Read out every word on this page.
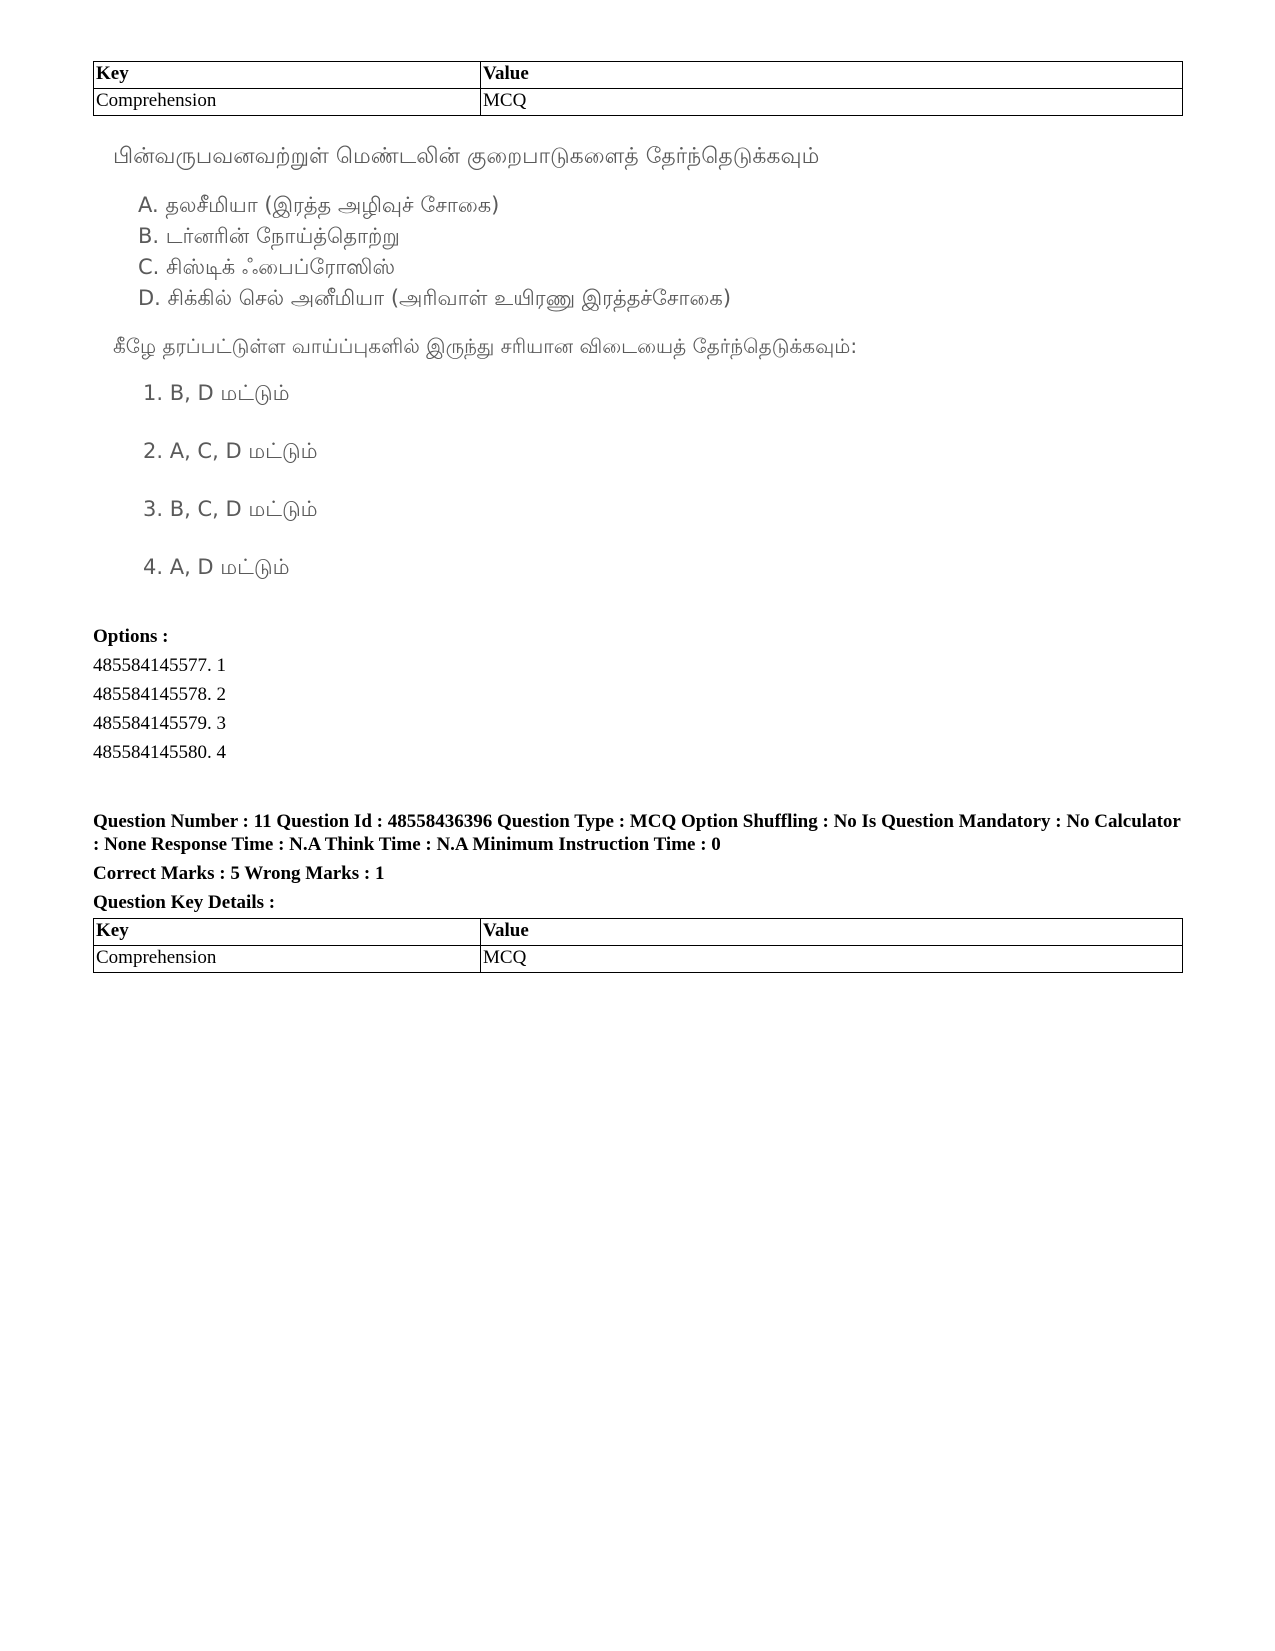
Key	Value
Comprehension	MCQ

பின்வருபவனவற்றுள் மெண்டலின் குறைபாடுகளைத் தேர்ந்தெடுக்கவும்

A. தலசீமியா (இரத்த அழிவுச் சோகை)
B. டர்னரின் நோய்த்தொற்று
C. சிஸ்டிக் ஃபைப்ரோஸிஸ்
D. சிக்கில் செல் அனீமியா (அரிவாள் உயிரணு இரத்தச்சோகை)

கீழே தரப்பட்டுள்ள வாய்ப்புகளில் இருந்து சரியான விடையைத் தேர்ந்தெடுக்கவும்:

1. B, D மட்டும்
2. A, C, D மட்டும்
3. B, C, D மட்டும்
4. A, D மட்டும்
Options :
485584145577. 1
485584145578. 2
485584145579. 3
485584145580. 4
Question Number : 11 Question Id : 48558436396 Question Type : MCQ Option Shuffling : No Is Question Mandatory : No Calculator : None Response Time : N.A Think Time : N.A Minimum Instruction Time : 0
Correct Marks : 5 Wrong Marks : 1
Question Key Details :
Key	Value
Comprehension	MCQ
